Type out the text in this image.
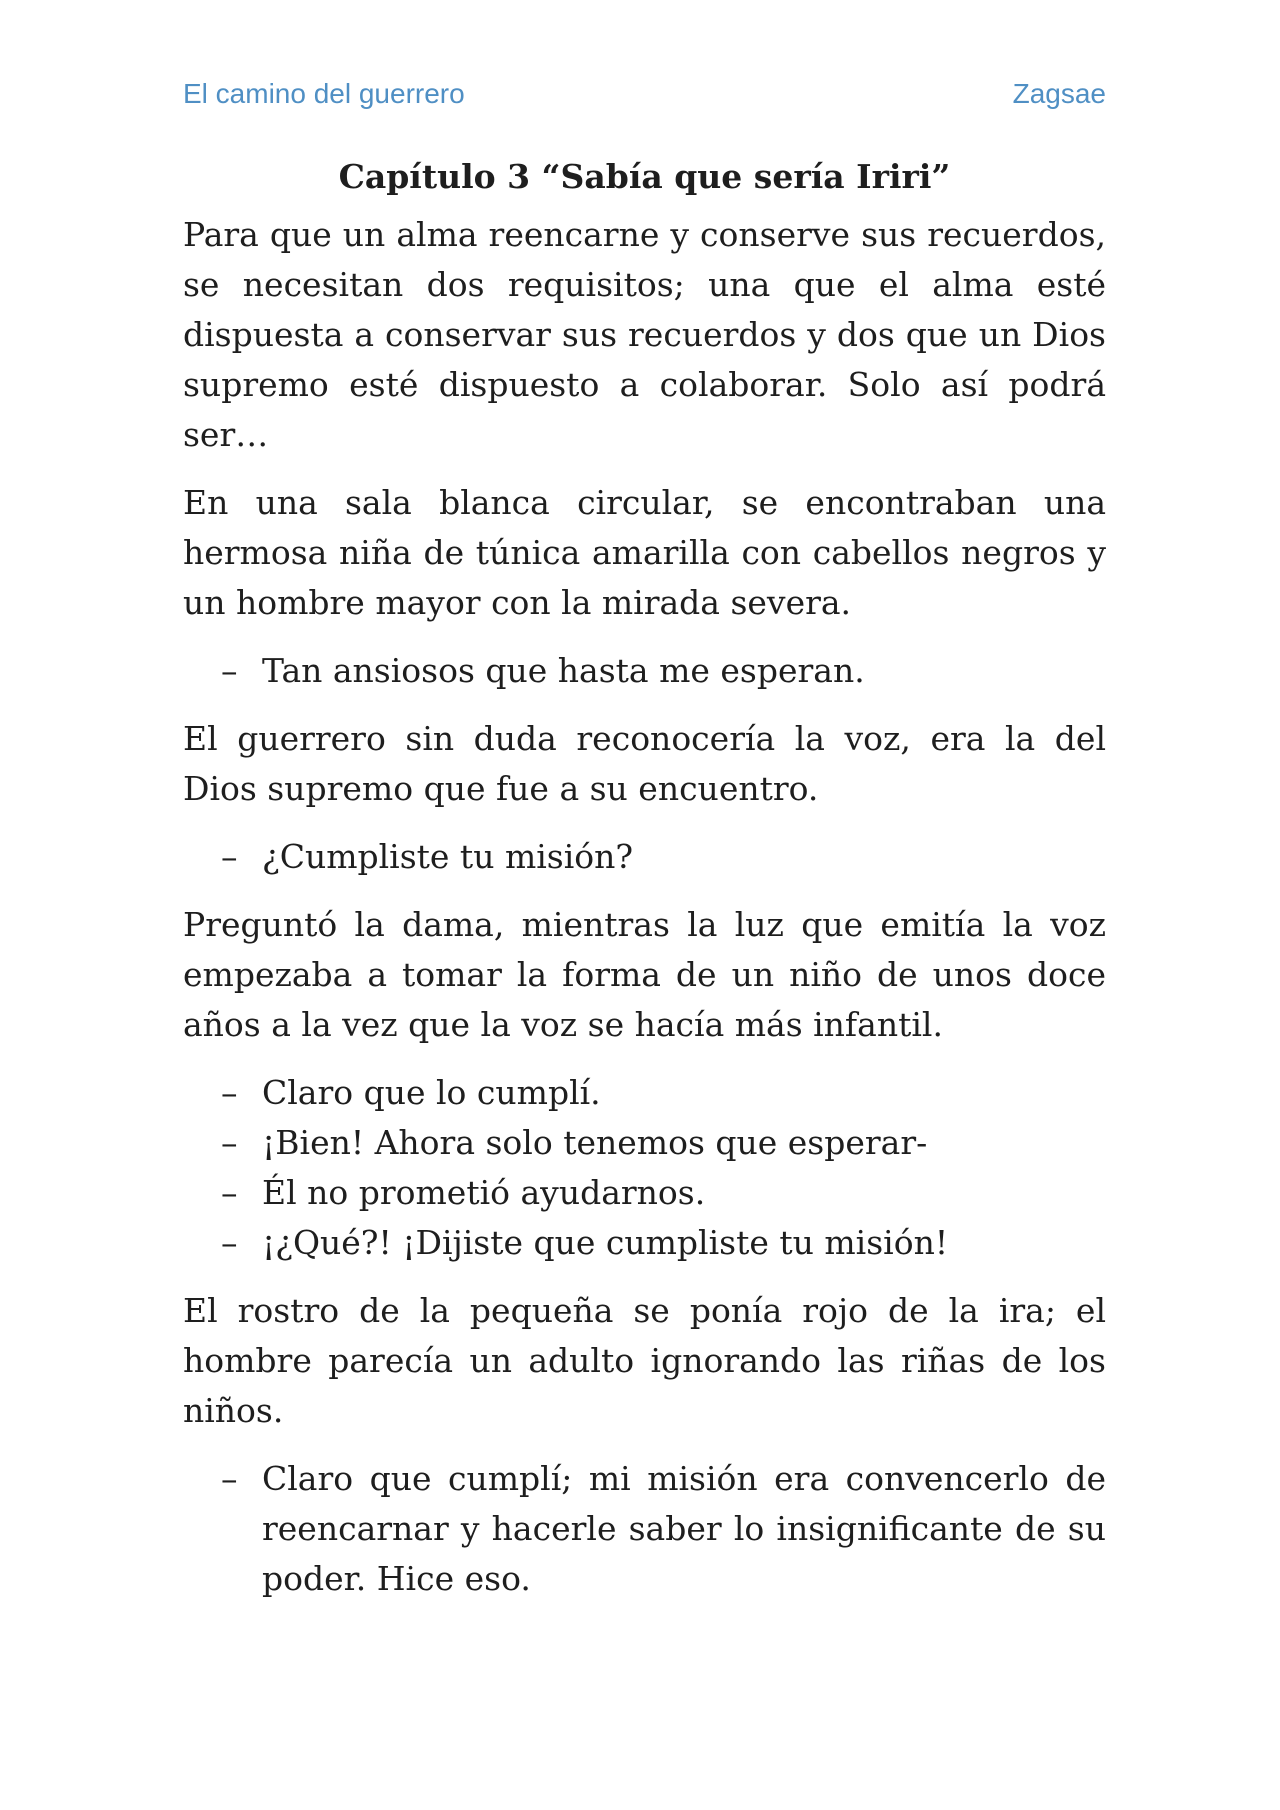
El camino del guerrero	Zagsae
Capítulo 3 “Sabía que sería Iriri”

Para que un alma reencarne y conserve sus recuerdos, se necesitan dos requisitos; una que el alma esté dispuesta a conservar sus recuerdos y dos que un Dios supremo esté dispuesto a colaborar. Solo así podrá ser…

En una sala blanca circular, se encontraban una hermosa niña de túnica amarilla con cabellos negros y un hombre mayor con la mirada severa.

– Tan ansiosos que hasta me esperan.

El guerrero sin duda reconocería la voz, era la del Dios supremo que fue a su encuentro.

– ¿Cumpliste tu misión?

Preguntó la dama, mientras la luz que emitía la voz empezaba a tomar la forma de un niño de unos doce años a la vez que la voz se hacía más infantil.

– Claro que lo cumplí.
– ¡Bien! Ahora solo tenemos que esperar-
– Él no prometió ayudarnos.
– ¡¿Qué?! ¡Dijiste que cumpliste tu misión!

El rostro de la pequeña se ponía rojo de la ira; el hombre parecía un adulto ignorando las riñas de los niños.

– Claro que cumplí; mi misión era convencerlo de reencarnar y hacerle saber lo insignificante de su poder. Hice eso.
